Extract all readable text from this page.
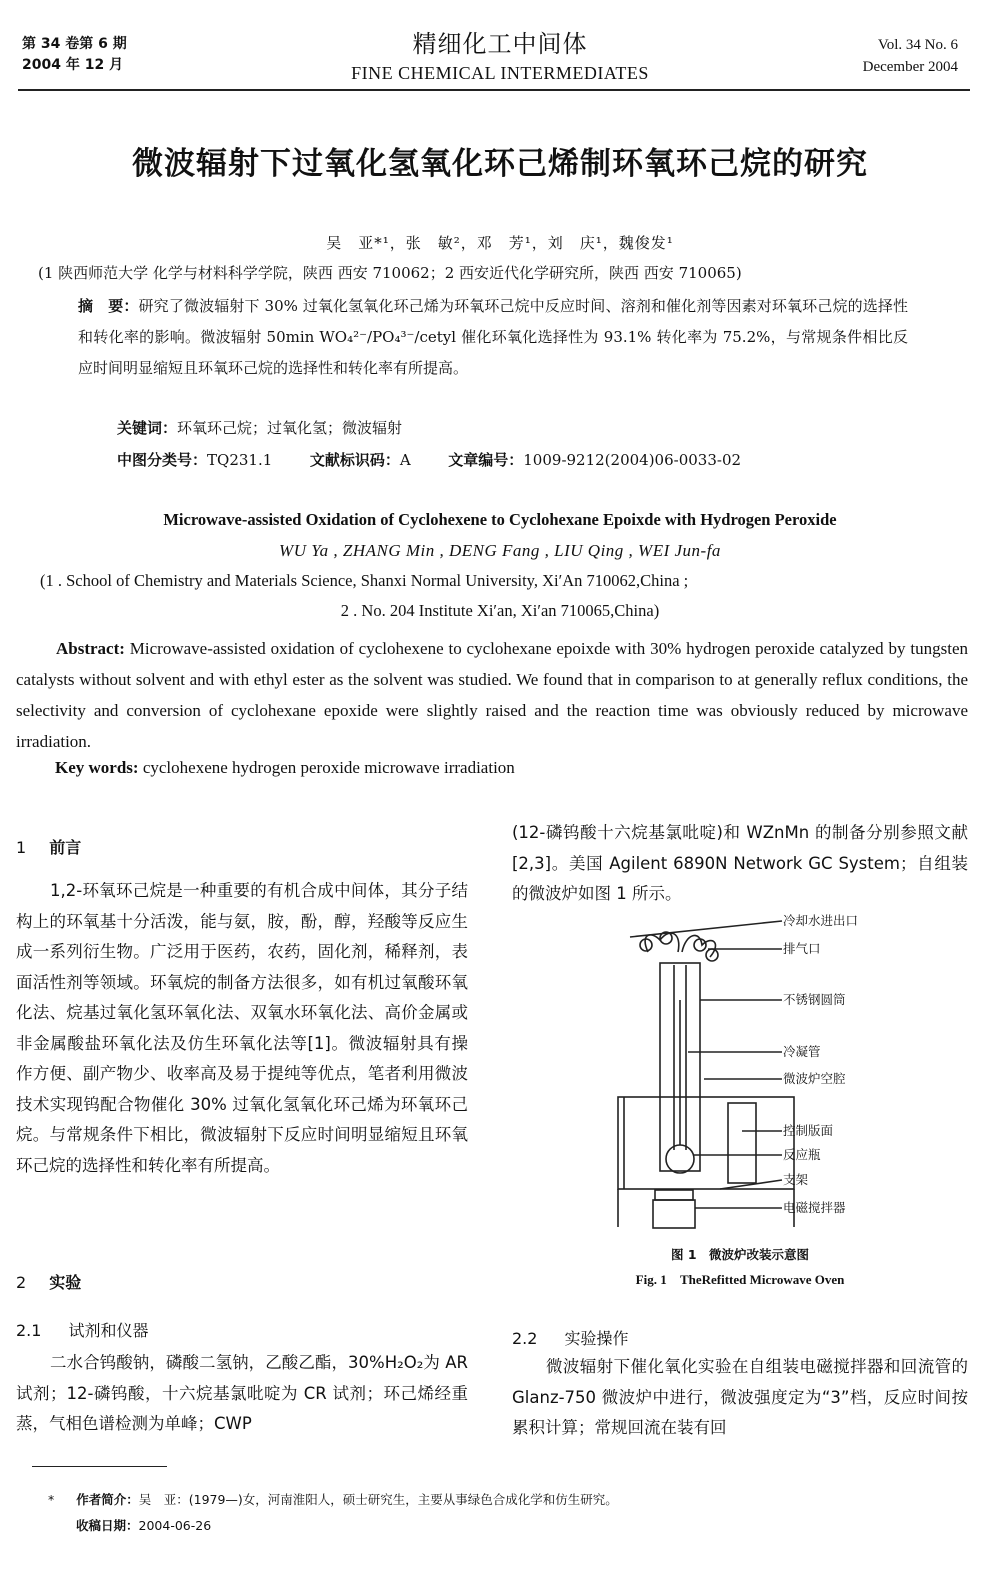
第 34 卷第 6 期
2004 年 12 月
精细化工中间体
FINE CHEMICAL INTERMEDIATES
Vol. 34 No. 6
December 2004
微波辐射下过氧化氢氧化环己烯制环氧环己烷的研究
吴　亚*¹，张　敏²，邓　芳¹，刘　庆¹，魏俊发¹
(1 陕西师范大学 化学与材料科学学院，陕西 西安 710062；2 西安近代化学研究所，陕西 西安 710065)
摘　要：研究了微波辐射下 30% 过氧化氢氧化环己烯为环氧环己烷中反应时间、溶剂和催化剂等因素对环氧环己烷的选择性和转化率的影响。微波辐射 50min WO₄²⁻/PO₄³⁻/cetyl 催化环氧化选择性为 93.1% 转化率为 75.2%，与常规条件相比反应时间明显缩短且环氧环己烷的选择性和转化率有所提高。
关键词：环氧环己烷；过氧化氢；微波辐射
中图分类号：TQ231.1	文献标识码：A	文章编号：1009-9212(2004)06-0033-02
Microwave-assisted Oxidation of Cyclohexene to Cyclohexane Epoixde with Hydrogen Peroxide
WU Ya , ZHANG Min , DENG Fang , LIU Qing , WEI Jun-fa
(1 . School of Chemistry and Materials Science, Shanxi Normal University, Xi′An 710062,China ;
2 . No. 204 Institute Xi′an, Xi′an 710065,China)
Abstract: Microwave-assisted oxidation of cyclohexene to cyclohexane epoixde with 30% hydrogen peroxide catalyzed by tungsten catalysts without solvent and with ethyl ester as the solvent was studied. We found that in comparison to at generally reflux conditions, the selectivity and conversion of cyclohexane epoxide were slightly raised and the reaction time was obviously reduced by microwave irradiation.
Key words: cyclohexene hydrogen peroxide microwave irradiation
1 前言
1,2-环氧环己烷是一种重要的有机合成中间体，其分子结构上的环氧基十分活泼，能与氨，胺，酚，醇，羟酸等反应生成一系列衍生物。广泛用于医药，农药，固化剂，稀释剂，表面活性剂等领域。环氧烷的制备方法很多，如有机过氧酸环氧化法、烷基过氧化氢环氧化法、双氧水环氧化法、高价金属或非金属酸盐环氧化法及仿生环氧化法等[1]。微波辐射具有操作方便、副产物少、收率高及易于提纯等优点，笔者利用微波技术实现钨配合物催化 30% 过氧化氢氧化环己烯为环氧环己烷。与常规条件下相比，微波辐射下反应时间明显缩短且环氧环己烷的选择性和转化率有所提高。
2 实验
2.1 试剂和仪器
二水合钨酸钠，磷酸二氢钠，乙酸乙酯，30%H₂O₂为 AR 试剂；12-磷钨酸，十六烷基氯吡啶为 CR 试剂；环己烯经重蒸，气相色谱检测为单峰；CWP
(12-磷钨酸十六烷基氯吡啶)和 WZnMn 的制备分别参照文献[2,3]。美国 Agilent 6890N Network GC System；自组装的微波炉如图 1 所示。
冷却水进出口
排气口
不锈钢圆筒
冷凝管
微波炉空腔
控制版面
反应瓶
支架
电磁搅拌器
图 1　微波炉改装示意图
Fig. 1 TheRefitted Microwave Oven
2.2 实验操作
微波辐射下催化氧化实验在自组装电磁搅拌器和回流管的 Glanz-750 微波炉中进行，微波强度定为“3”档，反应时间按累积计算；常规回流在装有回
* 作者简介：吴　亚：(1979—)女，河南淮阳人，硕士研究生，主要从事绿色合成化学和仿生研究。
收稿日期：2004-06-26
